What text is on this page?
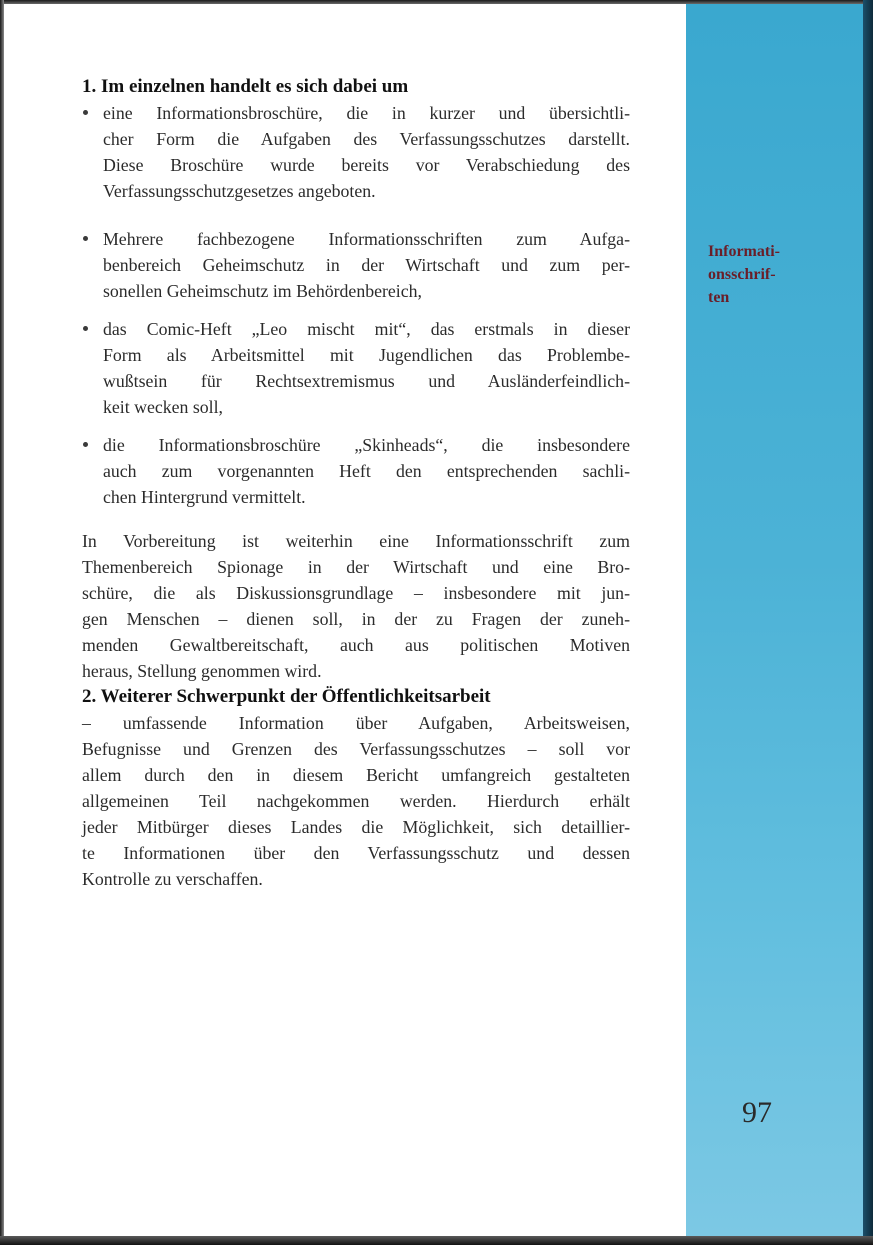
Informati-
onsschrif-
ten
97
1. Im einzelnen handelt es sich dabei um
eine Informationsbroschüre, die in kurzer und übersichtli-
cher Form die Aufgaben des Verfassungsschutzes darstellt.
Diese Broschüre wurde bereits vor Verabschiedung des
Verfassungsschutzgesetzes angeboten.
Mehrere fachbezogene Informationsschriften zum Aufga-
benbereich Geheimschutz in der Wirtschaft und zum per-
sonellen Geheimschutz im Behördenbereich,
das Comic-Heft „Leo mischt mit“, das erstmals in dieser
Form als Arbeitsmittel mit Jugendlichen das Problembe-
wußtsein für Rechtsextremismus und Ausländerfeindlich-
keit wecken soll,
die Informationsbroschüre „Skinheads“, die insbesondere
auch zum vorgenannten Heft den entsprechenden sachli-
chen Hintergrund vermittelt.

In Vorbereitung ist weiterhin eine Informationsschrift zum
Themenbereich Spionage in der Wirtschaft und eine Bro-
schüre, die als Diskussionsgrundlage – insbesondere mit jun-
gen Menschen – dienen soll, in der zu Fragen der zuneh-
menden Gewaltbereitschaft, auch aus politischen Motiven
heraus, Stellung genommen wird.

2. Weiterer Schwerpunkt der Öffentlichkeitsarbeit

– umfassende Information über Aufgaben, Arbeitsweisen,
Befugnisse und Grenzen des Verfassungsschutzes – soll vor
allem durch den in diesem Bericht umfangreich gestalteten
allgemeinen Teil nachgekommen werden. Hierdurch erhält
jeder Mitbürger dieses Landes die Möglichkeit, sich detaillier-
te Informationen über den Verfassungsschutz und dessen
Kontrolle zu verschaffen.
